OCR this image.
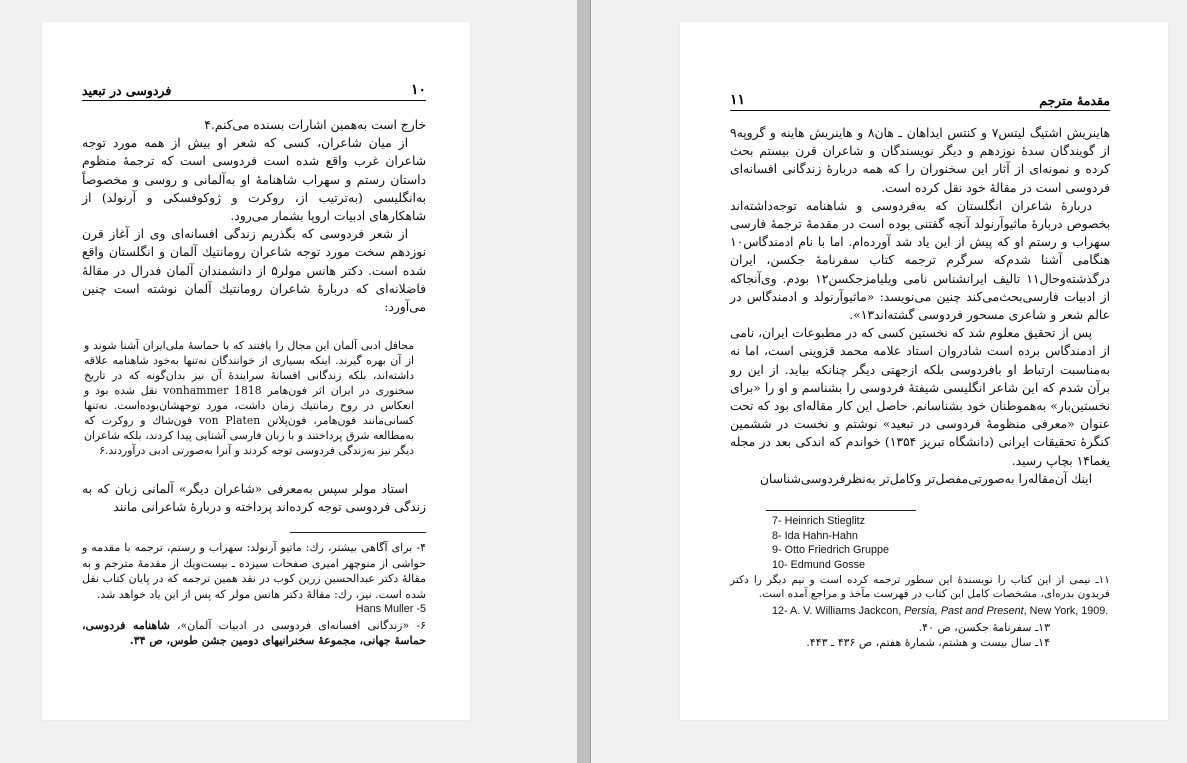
۱۰
فردوسی در تبعید

خارج است به‌همین اشارات بسنده می‌کنم.۴

از میان شاعران، کسی که شعر او بیش از همه مورد توجه شاعران غرب واقع شده است فردوسی است که ترجمهٔ منظوم داستان رستم و سهراب شاهنامهٔ او به‌آلمانی و روسی و مخصوصاً به‌انگلیسی (به‌ترتیب از، روکرت و ژوکوفسکی و آرنولد) از شاهکارهای ادبیات اروپا بشمار می‌رود.

از شعر فردوسی که بگذریم زندگی افسانه‌ای وی از آغاز قرن نوزدهم سخت مورد توجه شاعران رومانتیك آلمان و انگلستان واقع شده است. دکتر هانس مولر۵ از دانشمندان آلمان فدرال در مقالهٔ فاضلانه‌ای که دربارهٔ شاعران رومانتیك آلمان نوشته است چنین می‌آورد:

محافل ادبی آلمان این مجال را یافتند که با حماسهٔ ملی‌ایران آشنا شوند و از آن بهره گیرند. اینکه بسیاری از خوانندگان نه‌تنها به‌خود شاهنامه علاقه داشته‌اند، بلکه زندگانی افسانهٔ سرایندهٔ آن نیز بدان‌گونه که در تاریخ سخنوری در ایران اثر فون‌هامر vonhammer 1818 نقل شده بود و انعکاس در روح رمانتیك زمان داشت، مورد توجهشان‌بوده‌است. نه‌تنها کسانی‌مانند فون‌هامر، فون‌پلاتن von Platen فون‌شاك و روکرت که به‌مطالعه شرق پرداختند و با زبان فارسی آشنایی پیدا کردند، بلکه شاعران دیگر نیز به‌زندگی فردوسی توجه کردند و آنرا به‌صورتی ادبی درآوردند.۶

استاد مولر سپس به‌معرفی «شاعران دیگر» آلمانی زبان که به زندگی فردوسی توجه کرده‌اند پرداخته و دربارهٔ شاعرانی مانند

۴- برای آگاهی بیشتر، رك: ماتیو آرنولد: سهراب و رستم، ترجمه با مقدمه و حواشی از منوچهر امیری صفحات سیزده ـ بیست‌ویك از مقدمهٔ مترجم و به مقالهٔ دکتر عبدالحسین زرین کوب در نقد همین ترجمه که در پایان کتاب نقل شده است. نیز، رك: مقالهٔ دکتر هانس مولر که پس از این یاد خواهد شد.

5- Hans Muller

۶- «زندگانی افسانه‌ای فردوسی در ادبیات آلمان»، شاهنامه فردوسی، حماسهٔ جهانی، مجموعهٔ سخنرانیهای دومین جشن طوس، ص ۳۴.

مقدمهٔ مترجم
۱۱

هاینریش اشتیگ لیتس۷ و کنتس ایداهان ـ هان۸ و هاینریش هاینه و گروپه۹ از گویندگان سدهٔ نوزدهم و دیگر نویسندگان و شاعران قرن بیستم بحث کرده و نمونه‌ای از آثار این سخنوران را که همه دربارهٔ زندگانی افسانه‌ای فردوسی است در مقالهٔ خود نقل کرده است.

دربارهٔ شاعران انگلستان که به‌فردوسی و شاهنامه توجه‌داشته‌اند بخصوص دربارهٔ ماثیوآرنولد آنچه گفتنی بوده است در مقدمهٔ ترجمهٔ فارسی سهراب و رستم او که پیش از این یاد شد آورده‌ام. اما با نام ادمندگاس۱۰ هنگامی آشنا شدم‌که سرگرم ترجمه کتاب سفرنامهٔ جکسن، ایران درگذشته‌وحال۱۱ تالیف ایرانشناس نامی ویلیامزجکسن۱۲ بودم. وی‌آنجاکه از ادبیات فارسی‌بحث‌می‌کند چنین می‌نویسد: «ماثیوآرنولد و ادمندگاس در عالم شعر و شاعری مسحور فردوسی گشته‌اند۱۳».

پس از تحقیق معلوم شد که نخستین کسی که در مطبوعات ایران، نامی از ادمندگاس برده است شادروان استاد علامه محمد قزوینی است، اما نه به‌مناسبت ارتباط او بافردوسی بلکه ازجهتی دیگر چنانکه بیاید. از این رو برآن شدم که این شاعر انگلیسی شیفتهٔ فردوسی را بشناسم و او را «برای نخستین‌بار» به‌هموطنان خود بشناسانم. حاصل این کار مقاله‌ای بود که تحت عنوان «معرفی منظومهٔ فردوسی در تبعید» نوشتم و نخست در ششمین کنگرهٔ تحقیقات ایرانی (دانشگاه تبریز ۱۳۵۴) خواندم که اندکی بعد در مجله یغما۱۴ بچاپ رسید.

اینك آن‌مقاله‌را به‌صورتی‌مفصل‌تر وکامل‌تر به‌نظرفردوسی‌شناسان

7- Heinrich Stieglitz

8- Ida Hahn-Hahn

9- Otto Friedrich Gruppe

10- Edmund Gosse

۱۱ـ نیمی از این کتاب را نویسندهٔ این سطور ترجمه کرده است و نیم دیگر را دکتر فریدون بدره‌ای، مشخصات کامل این کتاب در فهرست مآخذ و مراجع آمده است.

12- A. V. Williams Jackcon, Persia, Past and Present, New York, 1909.

۱۳ـ سفرنامهٔ جکسن، ص ۴۰.

۱۴ـ سال بیست و هشتم، شمارهٔ هفتم، ص ۴۳۶ ـ ۴۴۳.
